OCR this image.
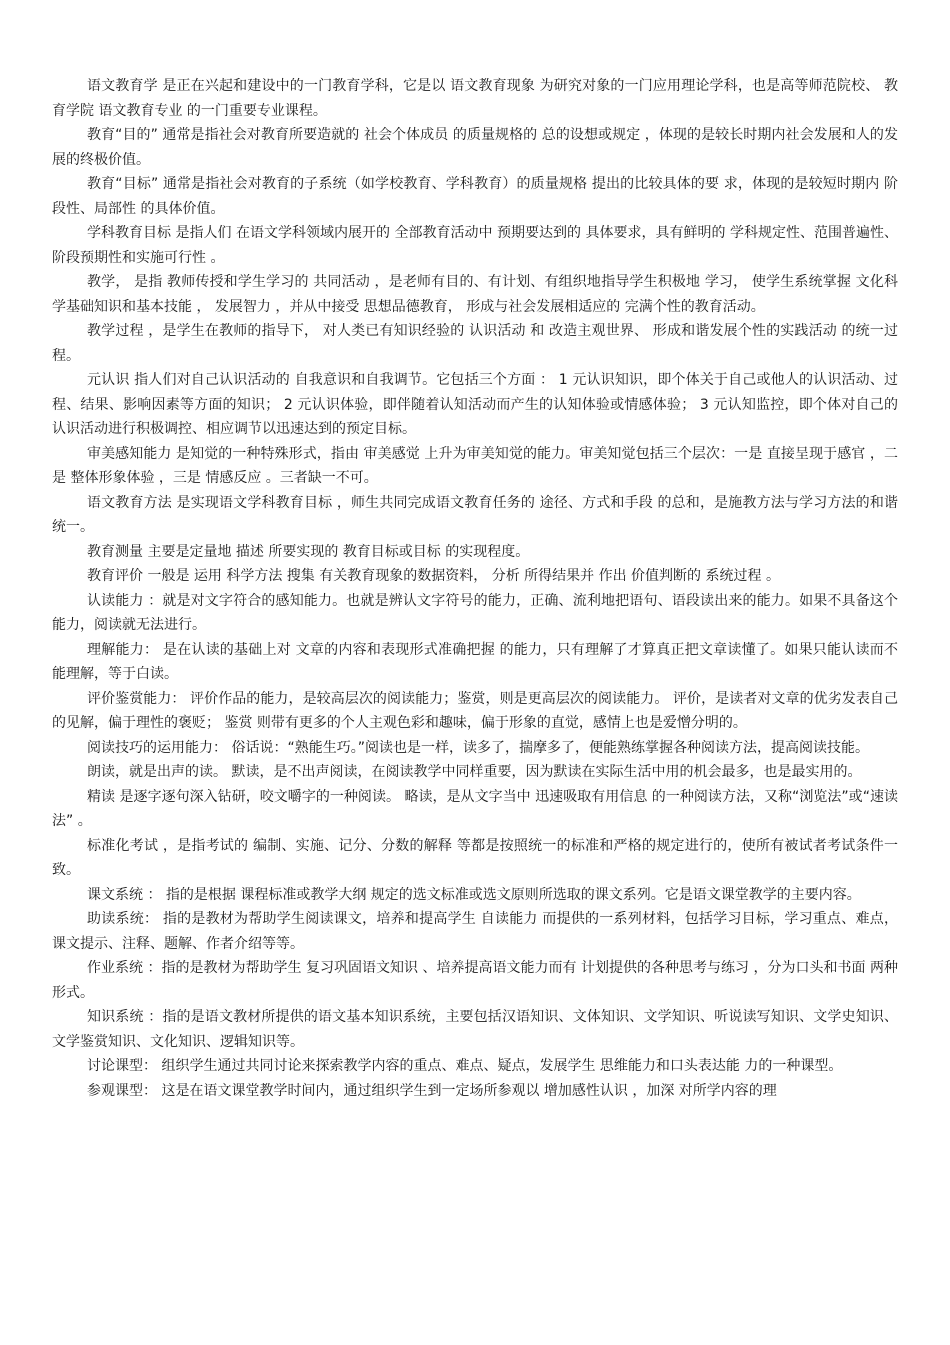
语文教育学 是正在兴起和建设中的一门教育学科，它是以 语文教育现象 为研究对象的一门应用理论学科，也是高等师范院校、 教育学院 语文教育专业 的一门重要专业课程。

教育“目的” 通常是指社会对教育所要造就的 社会个体成员 的质量规格的 总的设想或规定 ，体现的是较长时期内社会发展和人的发展的终极价值。

教育“目标” 通常是指社会对教育的子系统（如学校教育、学科教育）的质量规格 提出的比较具体的要 求，体现的是较短时期内 阶段性、局部性 的具体价值。

学科教育目标 是指人们 在语文学科领域内展开的 全部教育活动中 预期要达到的 具体要求，具有鲜明的 学科规定性、范围普遍性、阶段预期性和实施可行性 。

教学， 是指 教师传授和学生学习的 共同活动 ，是老师有目的、有计划、有组织地指导学生积极地 学习， 使学生系统掌握 文化科学基础知识和基本技能 ， 发展智力 ，并从中接受 思想品德教育， 形成与社会发展相适应的 完满个性的教育活动。

教学过程 ，是学生在教师的指导下， 对人类已有知识经验的 认识活动 和 改造主观世界、 形成和谐发展个性的实践活动 的统一过程。

元认识 指人们对自己认识活动的 自我意识和自我调节。它包括三个方面 ： 1 元认识知识，即个体关于自己或他人的认识活动、过程、结果、影响因素等方面的知识； 2 元认识体验，即伴随着认知活动而产生的认知体验或情感体验； 3 元认知监控，即个体对自己的认识活动进行积极调控、相应调节以迅速达到的预定目标。

审美感知能力 是知觉的一种特殊形式，指由 审美感觉 上升为审美知觉的能力。审美知觉包括三个层次：一是 直接呈现于感官 ，二是 整体形象体验 ，三是 情感反应 。三者缺一不可。

语文教育方法 是实现语文学科教育目标 ，师生共同完成语文教育任务的 途径、方式和手段 的总和，是施教方法与学习方法的和谐统一。

教育测量 主要是定量地 描述 所要实现的 教育目标或目标 的实现程度。

教育评价 一般是 运用 科学方法 搜集 有关教育现象的数据资料， 分析 所得结果并 作出 价值判断的 系统过程 。

认读能力 ：就是对文字符合的感知能力。也就是辨认文字符号的能力，正确、流利地把语句、语段读出来的能力。如果不具备这个能力，阅读就无法进行。

理解能力： 是在认读的基础上对 文章的内容和表现形式准确把握 的能力，只有理解了才算真正把文章读懂了。如果只能认读而不能理解，等于白读。

评价鉴赏能力： 评价作品的能力，是较高层次的阅读能力；鉴赏，则是更高层次的阅读能力。 评价，是读者对文章的优劣发表自己的见解，偏于理性的褒贬； 鉴赏 则带有更多的个人主观色彩和趣味，偏于形象的直觉，感情上也是爱憎分明的。

阅读技巧的运用能力： 俗话说：“熟能生巧。”阅读也是一样，读多了，揣摩多了，便能熟练掌握各种阅读方法，提高阅读技能。

朗读，就是出声的读。 默读，是不出声阅读，在阅读教学中同样重要，因为默读在实际生活中用的机会最多，也是最实用的。

精读 是逐字逐句深入钻研，咬文嚼字的一种阅读。 略读，是从文字当中 迅速吸取有用信息 的一种阅读方法，又称“浏览法”或“速读法” 。

标准化考试 ，是指考试的 编制、实施、记分、分数的解释 等都是按照统一的标准和严格的规定进行的，使所有被试者考试条件一致。

课文系统 ： 指的是根据 课程标准或教学大纲 规定的选文标准或选文原则所选取的课文系列。它是语文课堂教学的主要内容。

助读系统： 指的是教材为帮助学生阅读课文，培养和提高学生 自读能力 而提供的一系列材料，包括学习目标，学习重点、难点，课文提示、注释、题解、作者介绍等等。

作业系统 ：指的是教材为帮助学生 复习巩固语文知识 、培养提高语文能力而有 计划提供的各种思考与练习 ，分为口头和书面 两种形式。

知识系统 ：指的是语文教材所提供的语文基本知识系统，主要包括汉语知识、文体知识、文学知识、听说读写知识、文学史知识、文学鉴赏知识、文化知识、逻辑知识等。

讨论课型： 组织学生通过共同讨论来探索教学内容的重点、难点、疑点，发展学生 思维能力和口头表达能 力的一种课型。

参观课型： 这是在语文课堂教学时间内，通过组织学生到一定场所参观以 增加感性认识 ，加深 对所学内容的理
